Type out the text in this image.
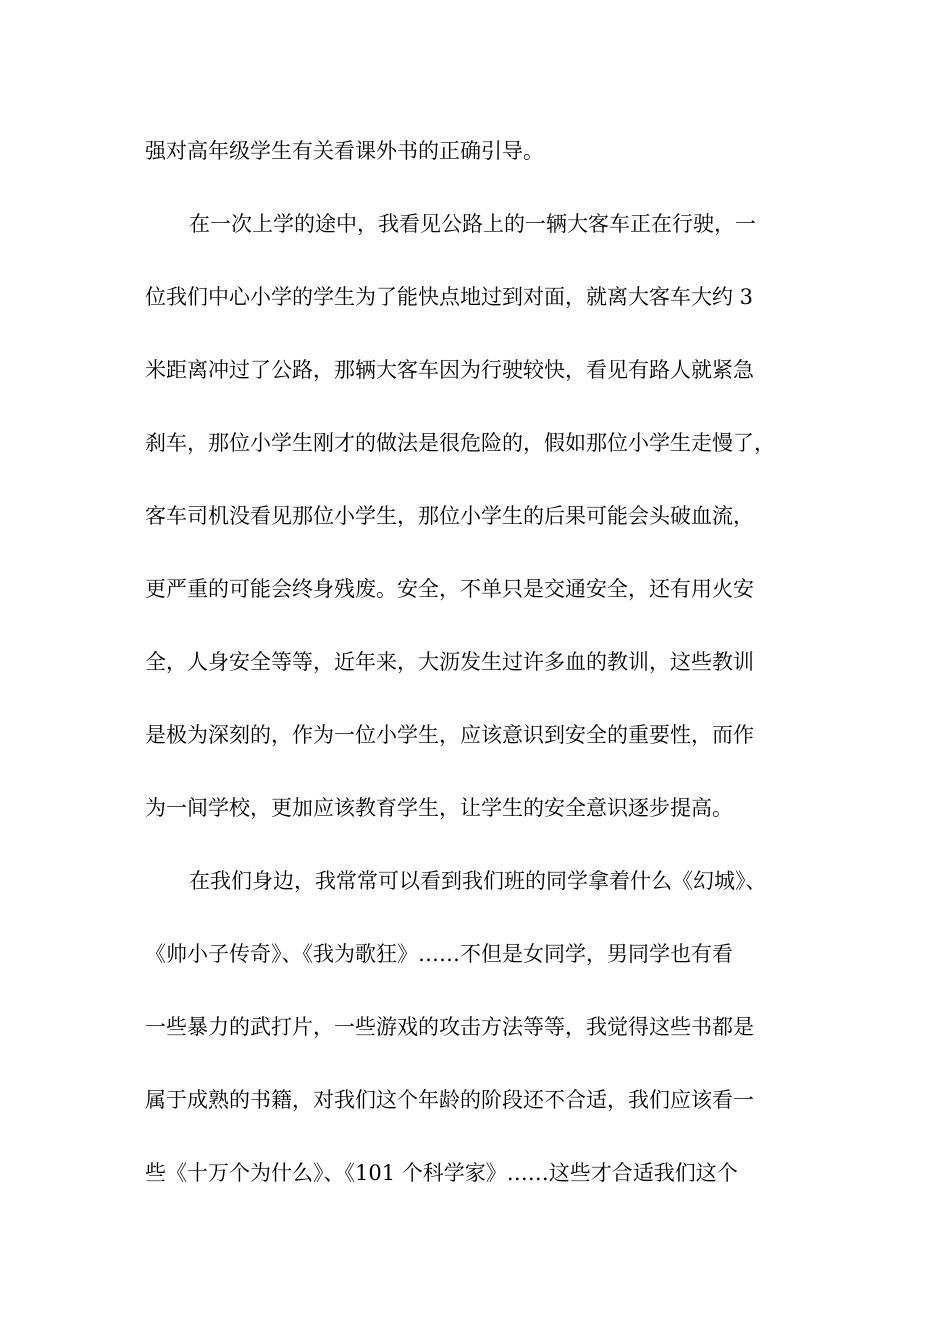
强对高年级学生有关看课外书的正确引导。
在一次上学的途中，我看见公路上的一辆大客车正在行驶，一
位我们中心小学的学生为了能快点地过到对面，就离大客车大约 3
米距离冲过了公路，那辆大客车因为行驶较快，看见有路人就紧急
刹车，那位小学生刚才的做法是很危险的，假如那位小学生走慢了，
客车司机没看见那位小学生，那位小学生的后果可能会头破血流，
更严重的可能会终身残废。安全，不单只是交通安全，还有用火安
全，人身安全等等，近年来，大沥发生过许多血的教训，这些教训
是极为深刻的，作为一位小学生，应该意识到安全的重要性，而作
为一间学校，更加应该教育学生，让学生的安全意识逐步提高。
在我们身边，我常常可以看到我们班的同学拿着什么《幻城》、
《帅小子传奇》、《我为歌狂》……不但是女同学，男同学也有看
一些暴力的武打片，一些游戏的攻击方法等等，我觉得这些书都是
属于成熟的书籍，对我们这个年龄的阶段还不合适，我们应该看一
些《十万个为什么》、《101 个科学家》……这些才合适我们这个
